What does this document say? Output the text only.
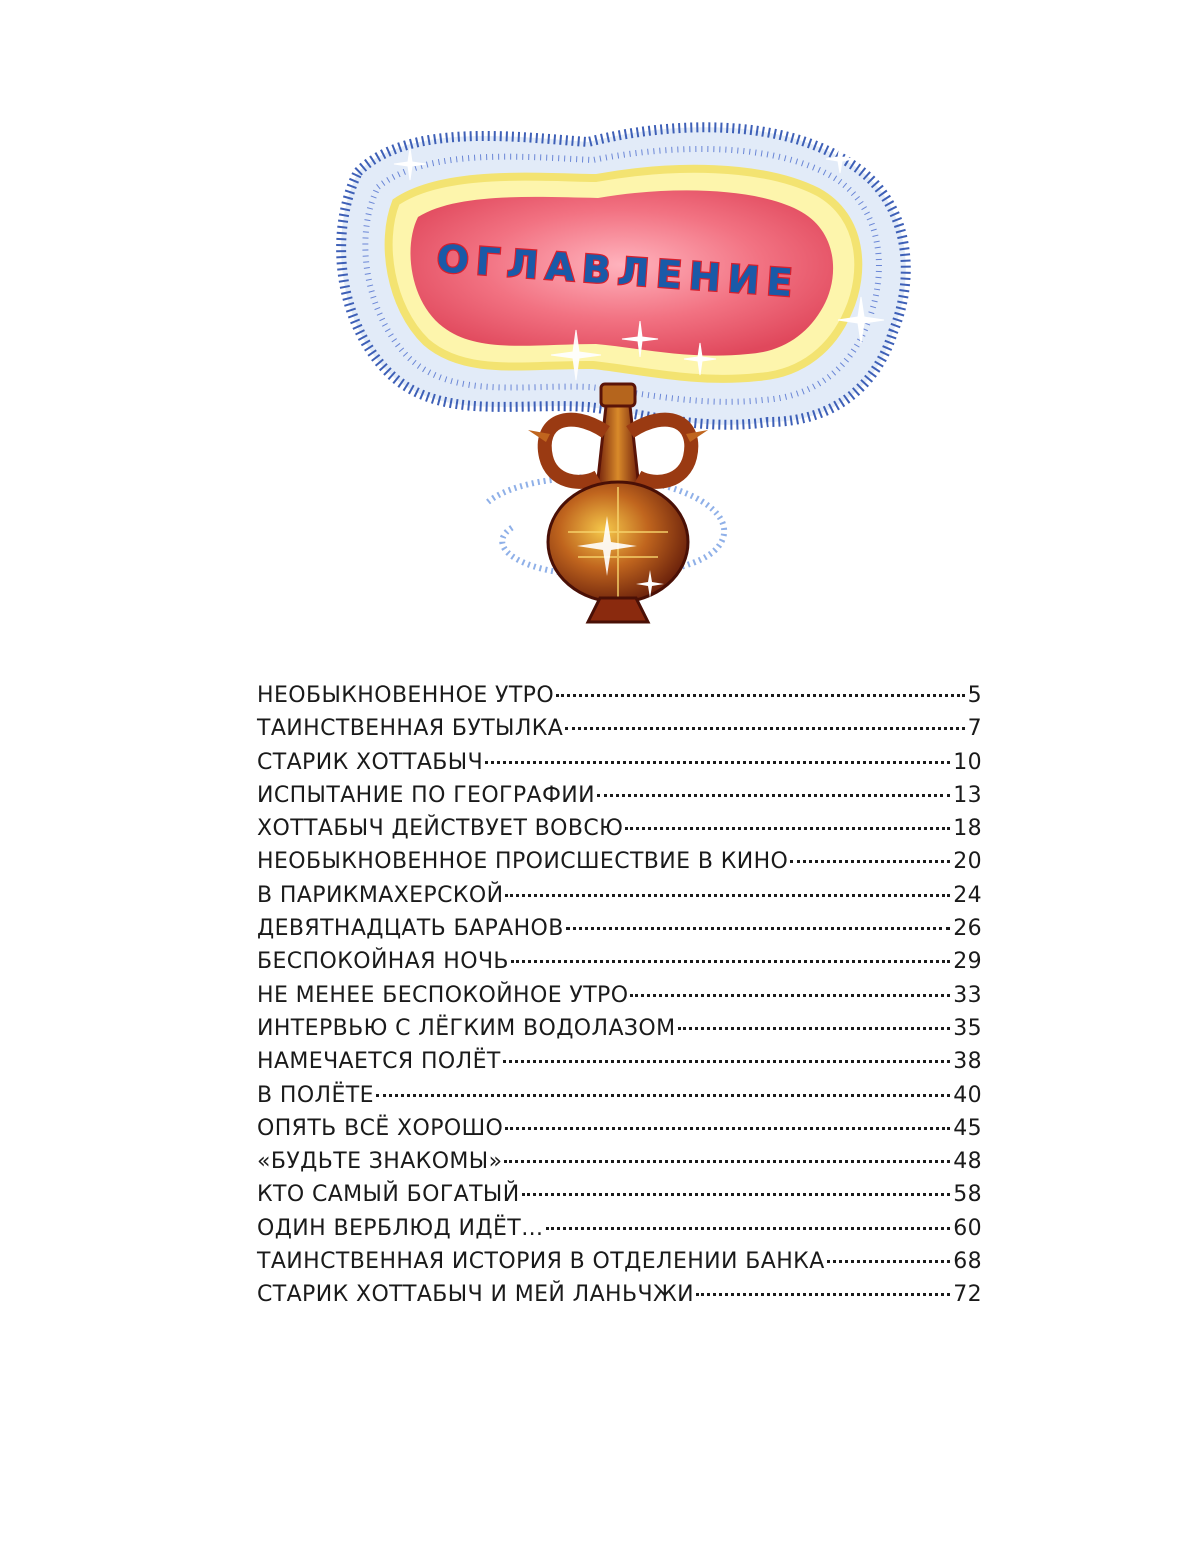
ОГЛАВЛЕНИЕ
НЕОБЫКНОВЕННОЕ УТРО	5
ТАИНСТВЕННАЯ БУТЫЛКА	7
СТАРИК ХОТТАБЫЧ	10
ИСПЫТАНИЕ ПО ГЕОГРАФИИ	13
ХОТТАБЫЧ ДЕЙСТВУЕТ ВОВСЮ	18
НЕОБЫКНОВЕННОЕ ПРОИСШЕСТВИЕ В КИНО	20
В ПАРИКМАХЕРСКОЙ	24
ДЕВЯТНАДЦАТЬ БАРАНОВ	26
БЕСПОКОЙНАЯ НОЧЬ	29
НЕ МЕНЕЕ БЕСПОКОЙНОЕ УТРО	33
ИНТЕРВЬЮ С ЛЁГКИМ ВОДОЛАЗОМ	35
НАМЕЧАЕТСЯ ПОЛЁТ	38
В ПОЛЁТЕ	40
ОПЯТЬ ВСЁ ХОРОШО	45
«БУДЬТЕ ЗНАКОМЫ»	48
КТО САМЫЙ БОГАТЫЙ	58
ОДИН ВЕРБЛЮД ИДЁТ…	60
ТАИНСТВЕННАЯ ИСТОРИЯ В ОТДЕЛЕНИИ БАНКА	68
СТАРИК ХОТТАБЫЧ И МЕЙ ЛАНЬЧЖИ	72
